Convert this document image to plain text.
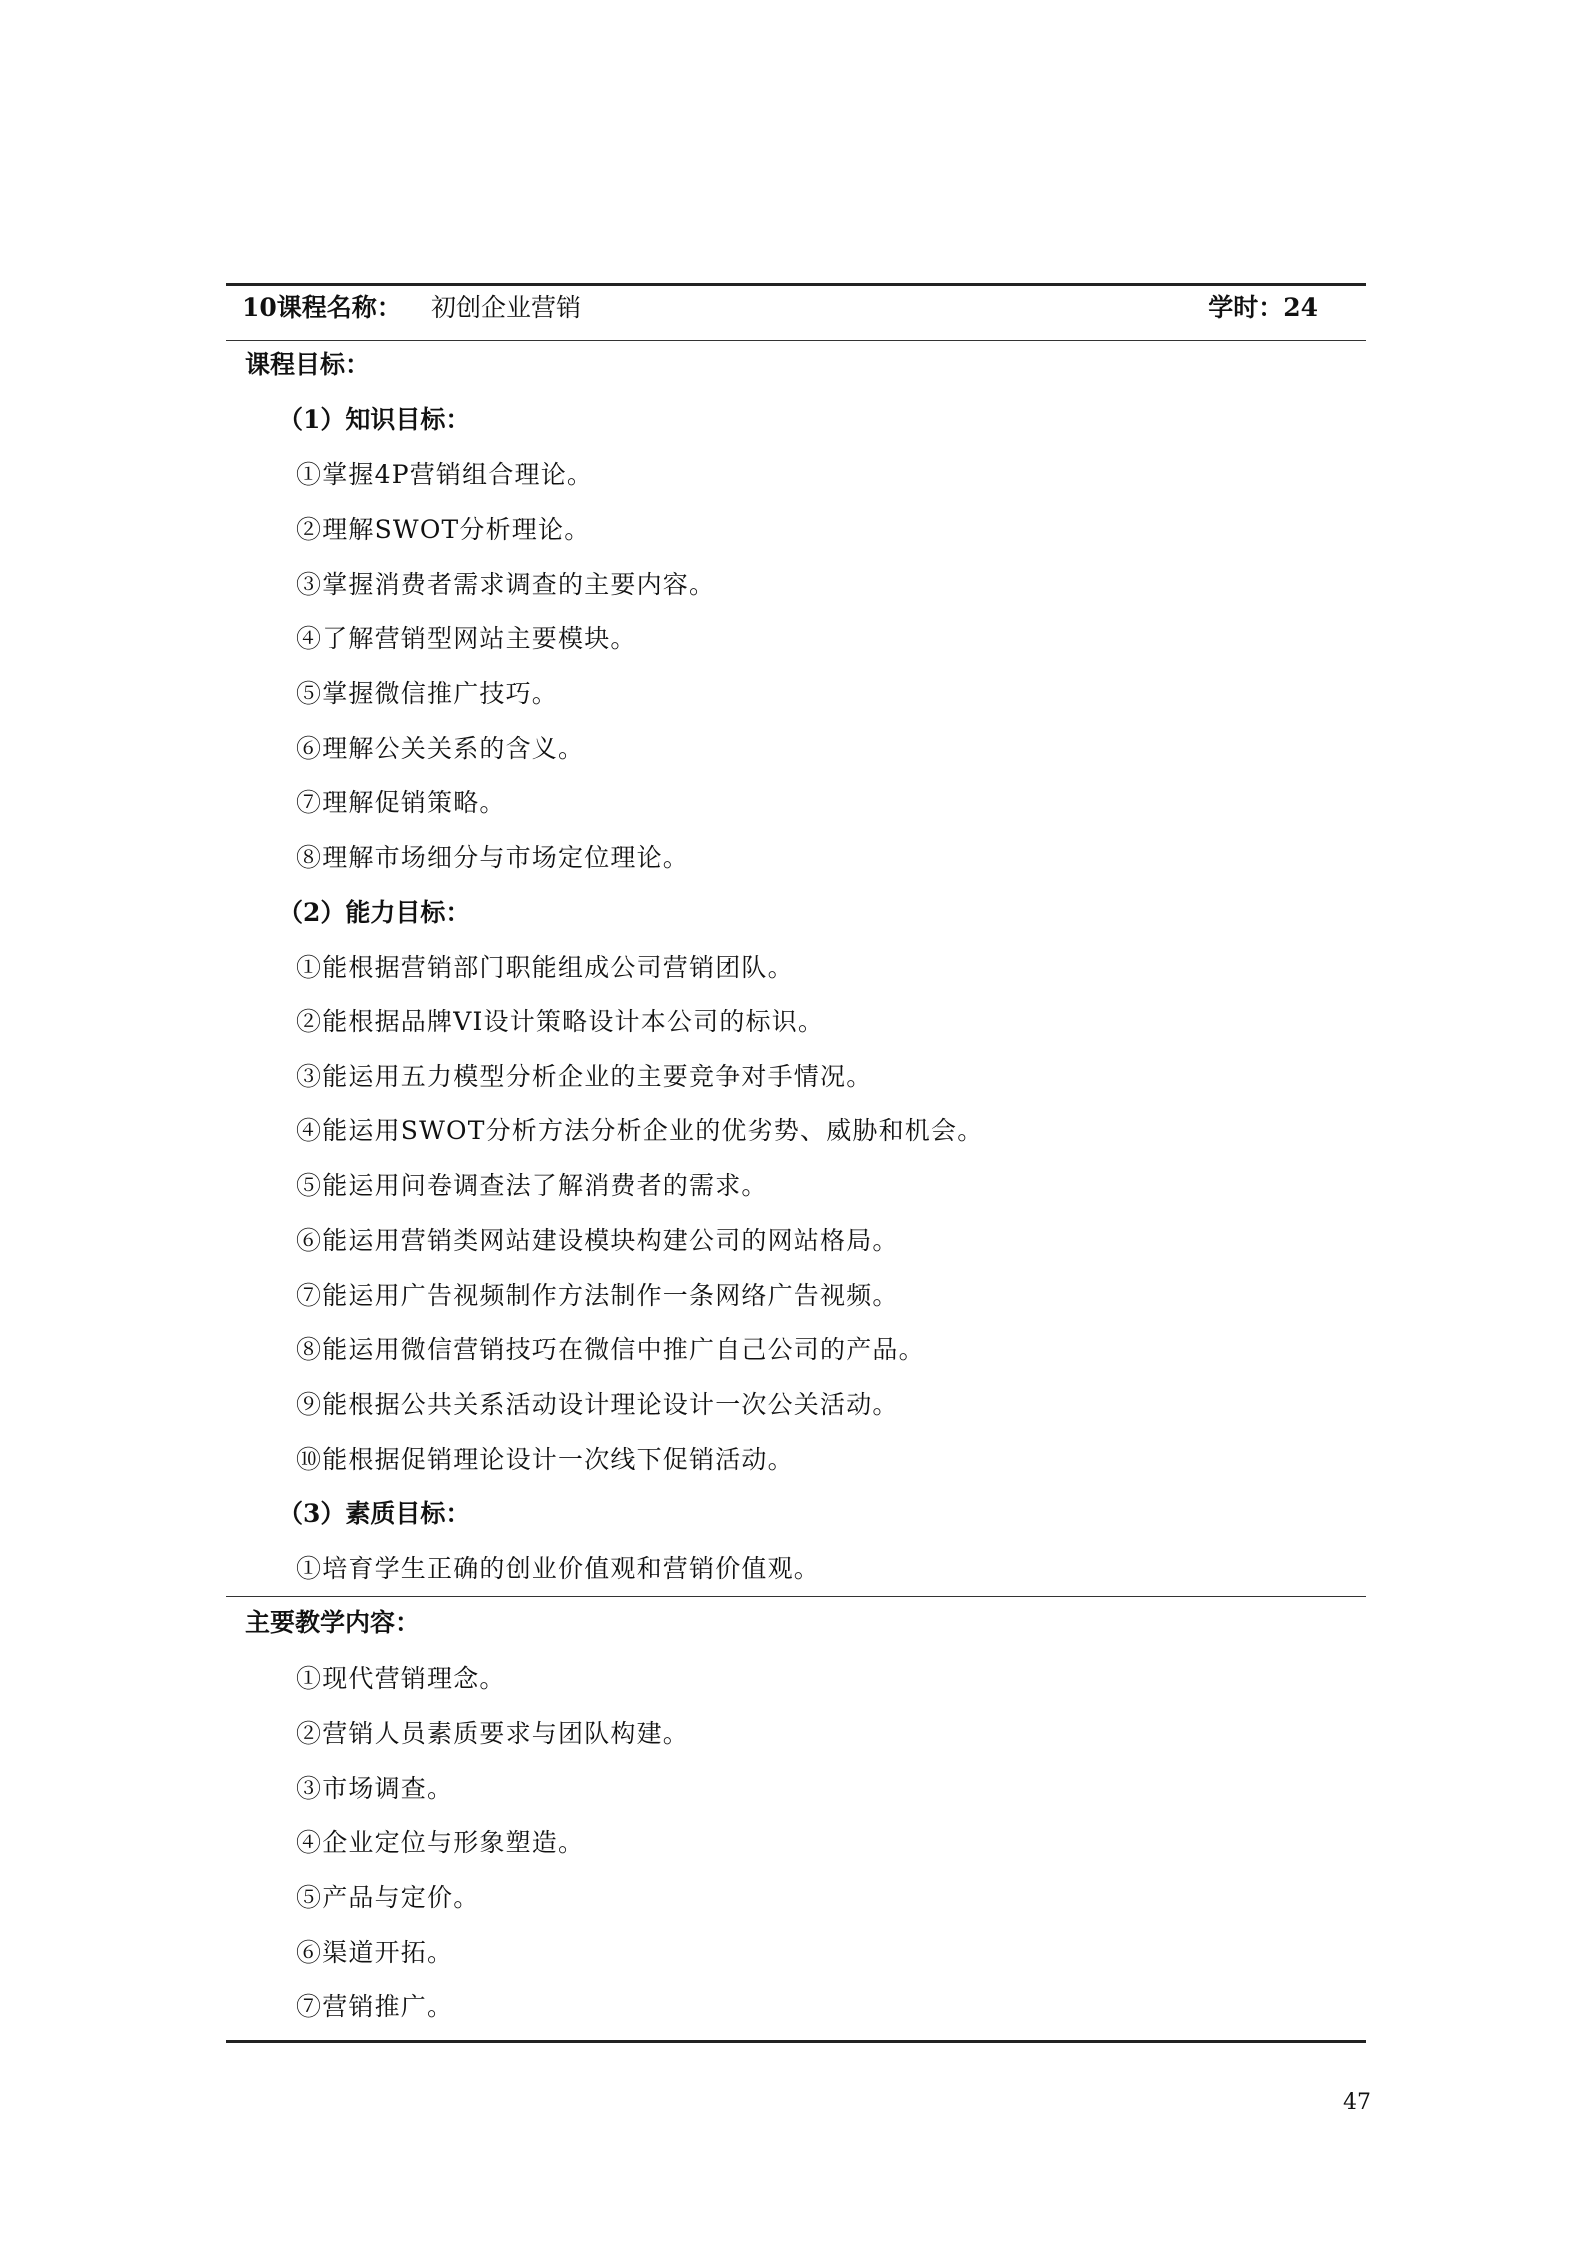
10课程名称： 初创企业营销	学时：24
课程目标：
（1）知识目标：
①掌握4P营销组合理论。
②理解SWOT分析理论。
③掌握消费者需求调查的主要内容。
④了解营销型网站主要模块。
⑤掌握微信推广技巧。
⑥理解公关关系的含义。
⑦理解促销策略。
⑧理解市场细分与市场定位理论。
（2）能力目标：
①能根据营销部门职能组成公司营销团队。
②能根据品牌VI设计策略设计本公司的标识。
③能运用五力模型分析企业的主要竞争对手情况。
④能运用SWOT分析方法分析企业的优劣势、威胁和机会。
⑤能运用问卷调查法了解消费者的需求。
⑥能运用营销类网站建设模块构建公司的网站格局。
⑦能运用广告视频制作方法制作一条网络广告视频。
⑧能运用微信营销技巧在微信中推广自己公司的产品。
⑨能根据公共关系活动设计理论设计一次公关活动。
⑩能根据促销理论设计一次线下促销活动。
（3）素质目标：
①培育学生正确的创业价值观和营销价值观。
主要教学内容：
①现代营销理念。
②营销人员素质要求与团队构建。
③市场调查。
④企业定位与形象塑造。
⑤产品与定价。
⑥渠道开拓。
⑦营销推广。
47
